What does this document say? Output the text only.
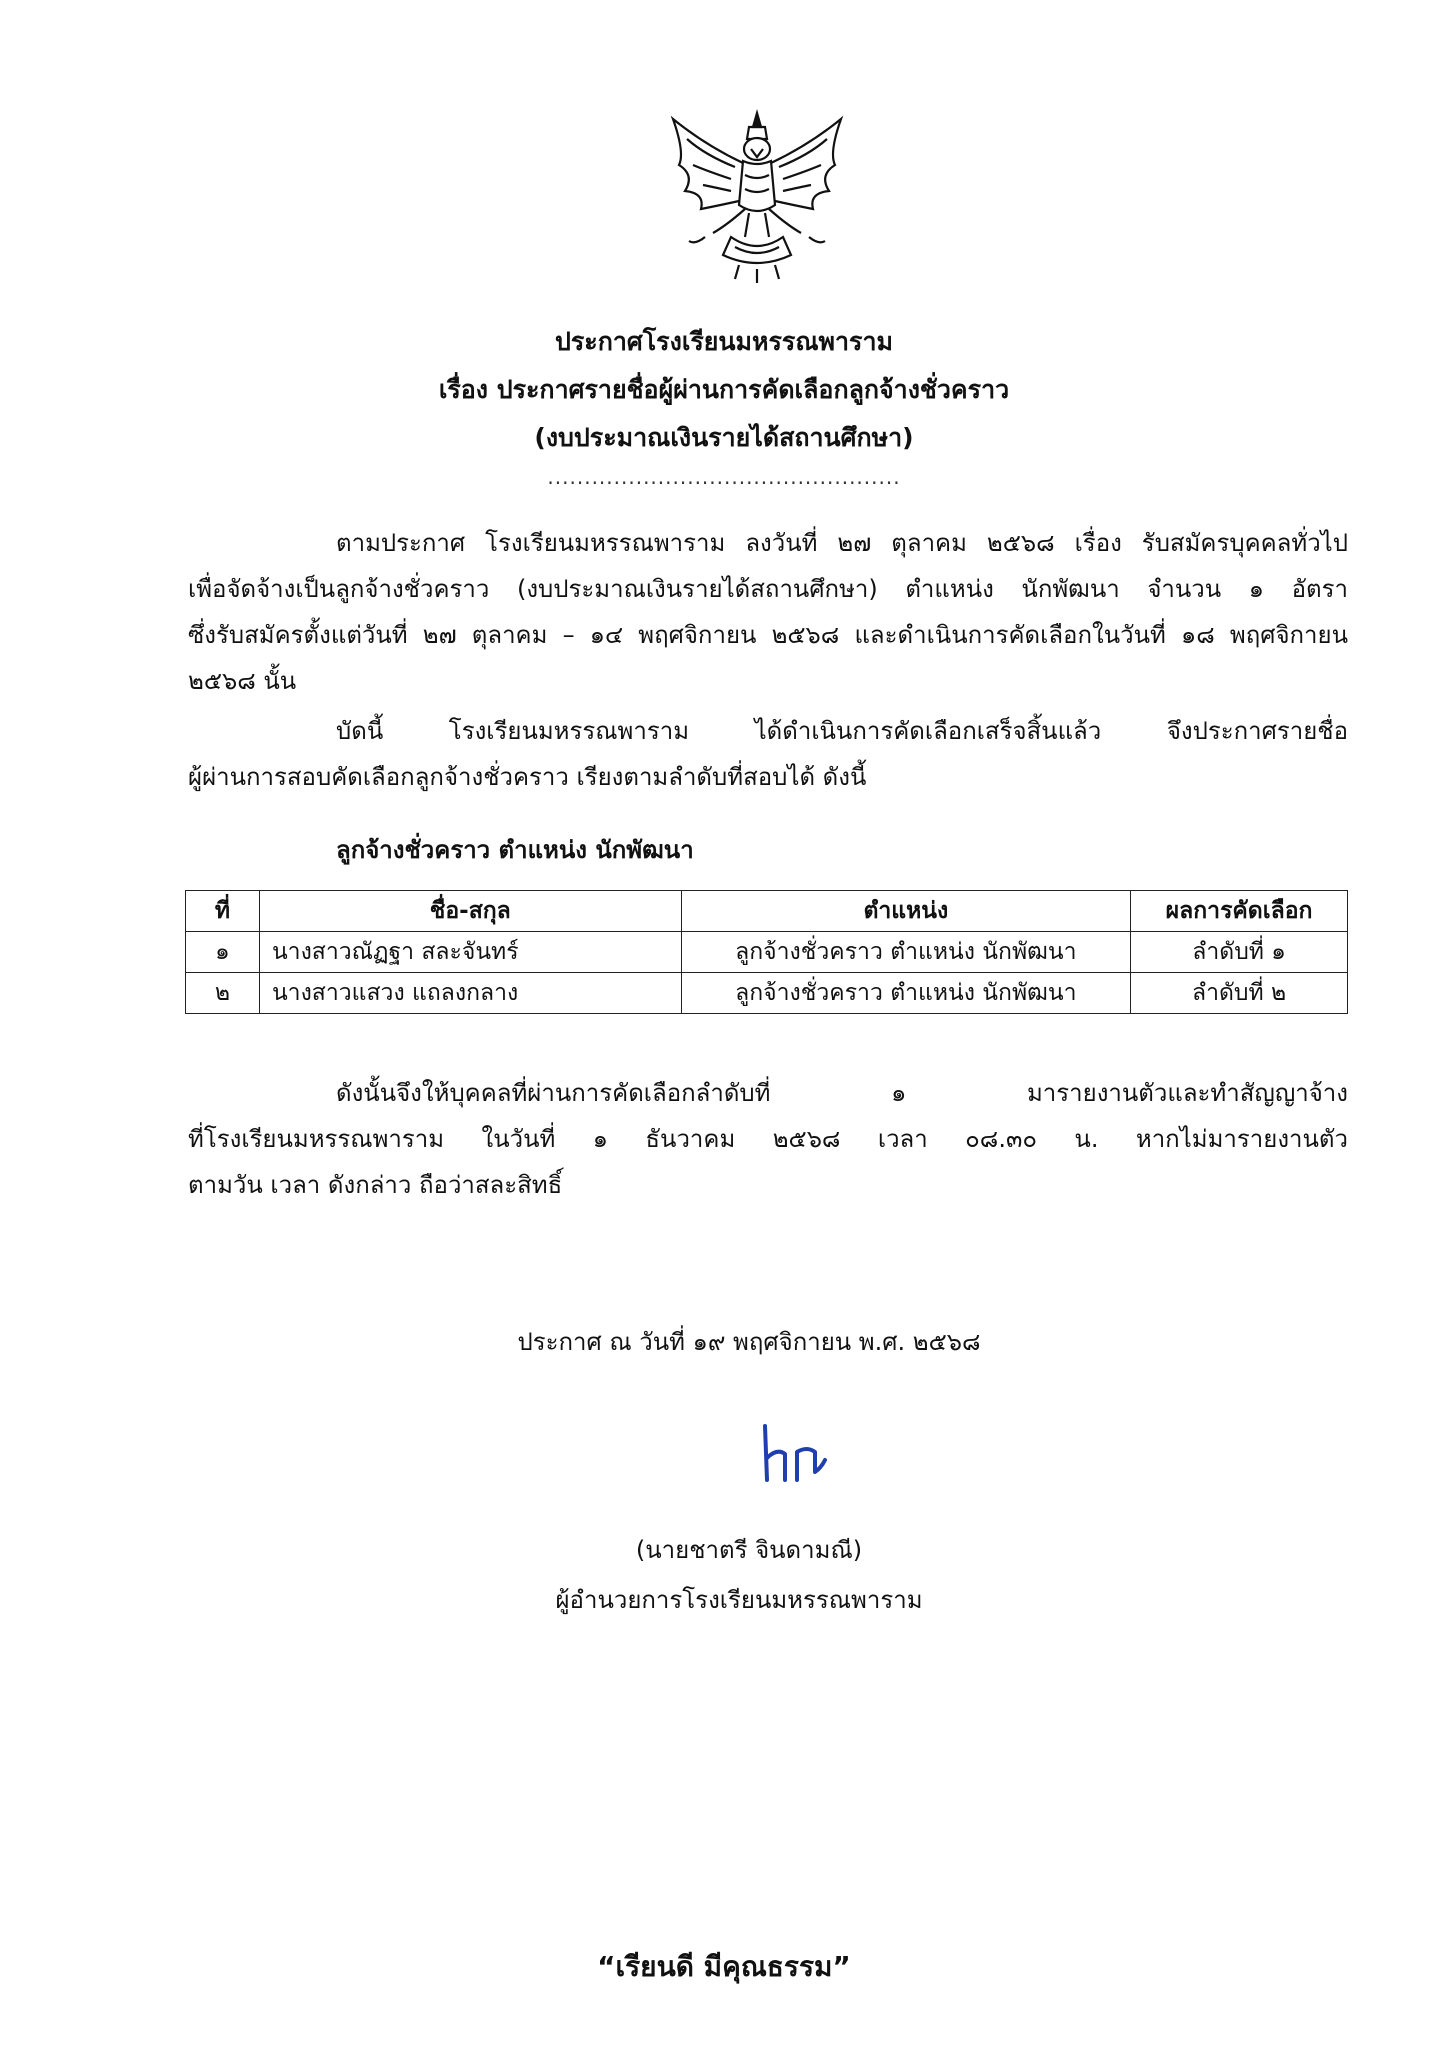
ประกาศโรงเรียนมหรรณพาราม
เรื่อง ประกาศรายชื่อผู้ผ่านการคัดเลือกลูกจ้างชั่วคราว
(งบประมาณเงินรายได้สถานศึกษา)
................................................
ตามประกาศ โรงเรียนมหรรณพาราม ลงวันที่ ๒๗ ตุลาคม ๒๕๖๘ เรื่อง รับสมัครบุคคลทั่วไป
เพื่อจัดจ้างเป็นลูกจ้างชั่วคราว (งบประมาณเงินรายได้สถานศึกษา) ตำแหน่ง นักพัฒนา จำนวน ๑ อัตรา
ซึ่งรับสมัครตั้งแต่วันที่ ๒๗ ตุลาคม – ๑๔ พฤศจิกายน ๒๕๖๘ และดำเนินการคัดเลือกในวันที่ ๑๘ พฤศจิกายน
๒๕๖๘ นั้น
บัดนี้ โรงเรียนมหรรณพาราม ได้ดำเนินการคัดเลือกเสร็จสิ้นแล้ว จึงประกาศรายชื่อ
ผู้ผ่านการสอบคัดเลือกลูกจ้างชั่วคราว เรียงตามลำดับที่สอบได้ ดังนี้
ลูกจ้างชั่วคราว ตำแหน่ง นักพัฒนา
ที่	ชื่อ-สกุล	ตำแหน่ง	ผลการคัดเลือก
๑	นางสาวณัฏฐา สละจันทร์	ลูกจ้างชั่วคราว ตำแหน่ง นักพัฒนา	ลำดับที่ ๑
๒	นางสาวแสวง แถลงกลาง	ลูกจ้างชั่วคราว ตำแหน่ง นักพัฒนา	ลำดับที่ ๒
ดังนั้นจึงให้บุคคลที่ผ่านการคัดเลือกลำดับที่ ๑ มารายงานตัวและทำสัญญาจ้าง
ที่โรงเรียนมหรรณพาราม ในวันที่ ๑ ธันวาคม ๒๕๖๘ เวลา ๐๘.๓๐ น. หากไม่มารายงานตัว
ตามวัน เวลา ดังกล่าว ถือว่าสละสิทธิ์
ประกาศ ณ วันที่ ๑๙ พฤศจิกายน พ.ศ. ๒๕๖๘
(นายชาตรี จินดามณี)
ผู้อำนวยการโรงเรียนมหรรณพาราม
“เรียนดี มีคุณธรรม”
